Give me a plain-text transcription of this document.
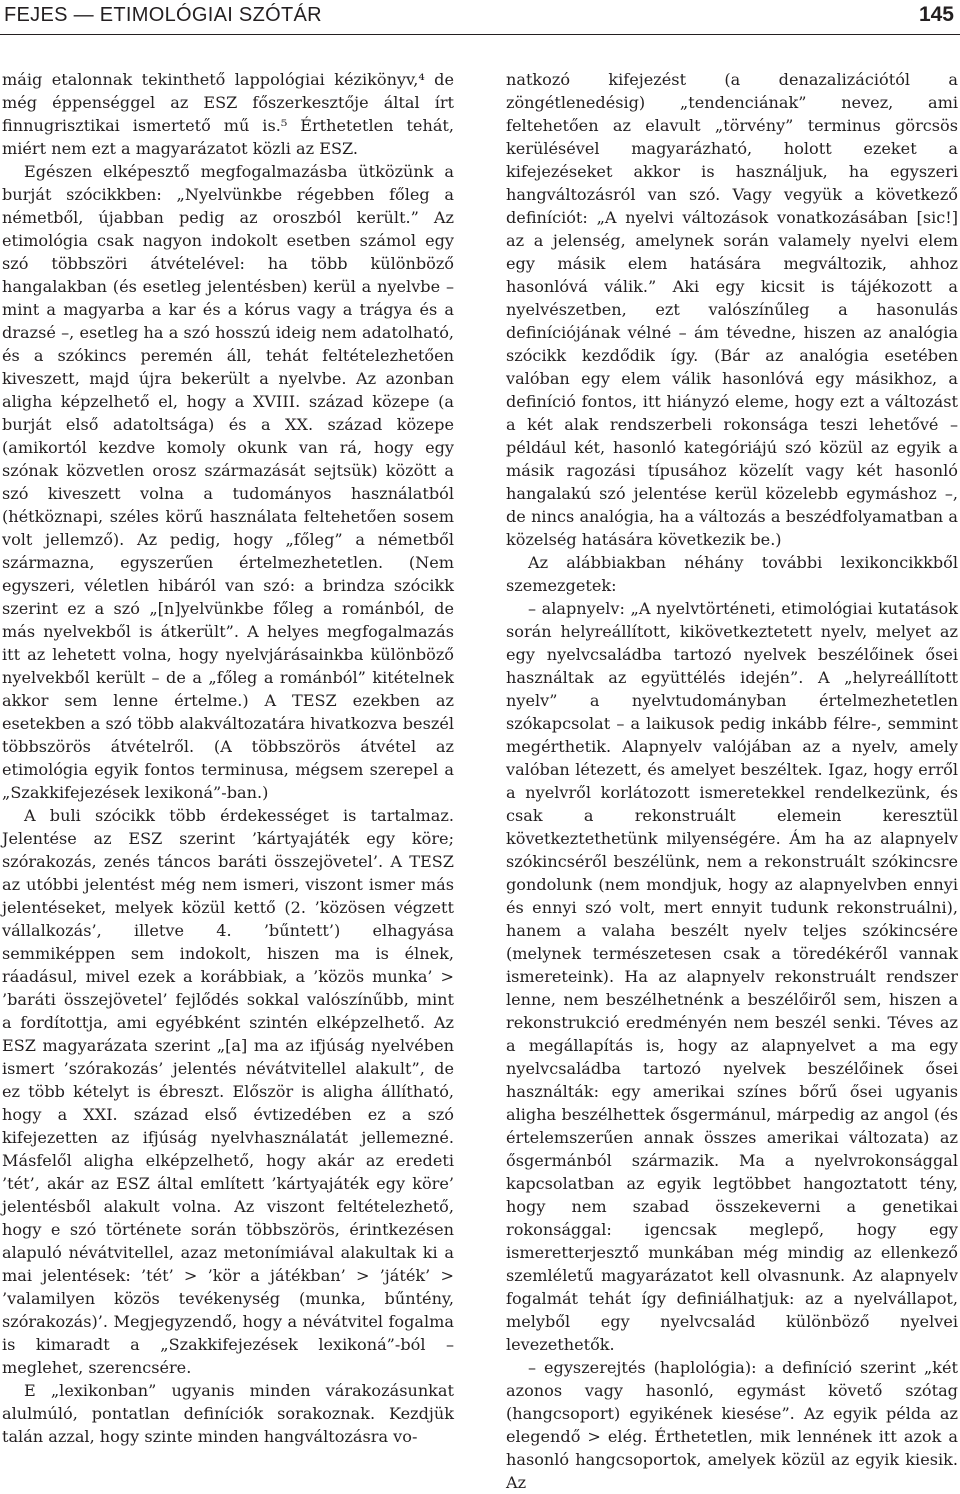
FEJES — ETIMOLÓGIAI SZÓTÁR	145

máig etalonnak tekinthető lappológiai kézikönyv,⁴ de még éppenséggel az ESZ főszerkesztője által írt finnugrisztikai ismertető mű is.⁵ Érthetetlen tehát, miért nem ezt a magyarázatot közli az ESZ.

Egészen elképesztő megfogalmazásba ütközünk a burját szócikkben: „Nyelvünkbe régebben főleg a németből, újabban pedig az oroszból került.” Az etimológia csak nagyon indokolt esetben számol egy szó többszöri átvételével: ha több különböző hangalakban (és esetleg jelentésben) kerül a nyelvbe – mint a magyarba a kar és a kórus vagy a trágya és a drazsé –, esetleg ha a szó hosszú ideig nem adatolható, és a szókincs peremén áll, tehát feltételezhetően kiveszett, majd újra bekerült a nyelvbe. Az azonban aligha képzelhető el, hogy a XVIII. század közepe (a burját első adatoltsága) és a XX. század közepe (amikortól kezdve komoly okunk van rá, hogy egy szónak közvetlen orosz származását sejtsük) között a szó kiveszett volna a tudományos használatból (hétköznapi, széles körű használata feltehetően sosem volt jellemző). Az pedig, hogy „főleg” a németből származna, egyszerűen értelmezhetetlen. (Nem egyszeri, véletlen hibáról van szó: a brindza szócikk szerint ez a szó „[n]yelvünkbe főleg a románból, de más nyelvekből is átkerült”. A helyes megfogalmazás itt az lehetett volna, hogy nyelvjárásainkba különböző nyelvekből került – de a „főleg a románból” kitételnek akkor sem lenne értelme.) A TESZ ezekben az esetekben a szó több alakváltozatára hivatkozva beszél többszörös átvételről. (A többszörös átvétel az etimológia egyik fontos terminusa, mégsem szerepel a „Szakkifejezések lexikoná”-ban.)

A buli szócikk több érdekességet is tartalmaz. Jelentése az ESZ szerint ’kártyajáték egy köre; szórakozás, zenés táncos baráti összejövetel’. A TESZ az utóbbi jelentést még nem ismeri, viszont ismer más jelentéseket, melyek közül kettő (2. ’közösen végzett vállalkozás’, illetve 4. ’bűntett’) elhagyása semmiképpen sem indokolt, hiszen ma is élnek, ráadásul, mivel ezek a korábbiak, a ’közös munka’ > ’baráti összejövetel’ fejlődés sokkal valószínűbb, mint a fordítottja, ami egyébként szintén elképzelhető. Az ESZ magyarázata szerint „[a] ma az ifjúság nyelvében ismert ’szórakozás’ jelentés névátvitellel alakult”, de ez több kételyt is ébreszt. Először is aligha állítható, hogy a XXI. század első évtizedében ez a szó kifejezetten az ifjúság nyelvhasználatát jellemezné. Másfelől aligha elképzelhető, hogy akár az eredeti ’tét’, akár az ESZ által említett ’kártyajáték egy köre’ jelentésből alakult volna. Az viszont feltételezhető, hogy e szó története során többszörös, érintkezésen alapuló névátvitellel, azaz metonímiával alakultak ki a mai jelentések: ’tét’ > ’kör a játékban’ > ’játék’ > ’valamilyen közös tevékenység (munka, bűntény, szórakozás)’. Megjegyzendő, hogy a névátvitel fogalma is kimaradt a „Szakkifejezések lexikoná”-ból – meglehet, szerencsére.

E „lexikonban” ugyanis minden várakozásunkat alulmúló, pontatlan definíciók sorakoznak. Kezdjük talán azzal, hogy szinte minden hangváltozásra vo-

natkozó kifejezést (a denazalizációtól a zöngétlenedésig) „tendenciának” nevez, ami feltehetően az elavult „törvény” terminus görcsös kerülésével magyarázható, holott ezeket a kifejezéseket akkor is használjuk, ha egyszeri hangváltozásról van szó. Vagy vegyük a következő definíciót: „A nyelvi változások vonatkozásában [sic!] az a jelenség, amelynek során valamely nyelvi elem egy másik elem hatására megváltozik, ahhoz hasonlóvá válik.” Aki egy kicsit is tájékozott a nyelvészetben, ezt valószínűleg a hasonulás definíciójának vélné – ám tévedne, hiszen az analógia szócikk kezdődik így. (Bár az analógia esetében valóban egy elem válik hasonlóvá egy másikhoz, a definíció fontos, itt hiányzó eleme, hogy ezt a változást a két alak rendszerbeli rokonsága teszi lehetővé – például két, hasonló kategóriájú szó közül az egyik a másik ragozási típusához közelít vagy két hasonló hangalakú szó jelentése kerül közelebb egymáshoz –, de nincs analógia, ha a változás a beszédfolyamatban a közelség hatására következik be.)

Az alábbiakban néhány további lexikoncikkből szemezgetek:

– alapnyelv: „A nyelvtörténeti, etimológiai kutatások során helyreállított, kikövetkeztetett nyelv, melyet az egy nyelvcsaládba tartozó nyelvek beszélőinek ősei használtak az együttélés idején”. A „helyreállított nyelv” a nyelvtudományban értelmezhetetlen szókapcsolat – a laikusok pedig inkább félre-, semmint megérthetik. Alapnyelv valójában az a nyelv, amely valóban létezett, és amelyet beszéltek. Igaz, hogy erről a nyelvről korlátozott ismeretekkel rendelkezünk, és csak a rekonstruált elemein keresztül következtethetünk milyenségére. Ám ha az alapnyelv szókincséről beszélünk, nem a rekonstruált szókincsre gondolunk (nem mondjuk, hogy az alapnyelvben ennyi és ennyi szó volt, mert ennyit tudunk rekonstruálni), hanem a valaha beszélt nyelv teljes szókincsére (melynek természetesen csak a töredékéről vannak ismereteink). Ha az alapnyelv rekonstruált rendszer lenne, nem beszélhetnénk a beszélőiről sem, hiszen a rekonstrukció eredményén nem beszél senki. Téves az a megállapítás is, hogy az alapnyelvet a ma egy nyelvcsaládba tartozó nyelvek beszélőinek ősei használták: egy amerikai színes bőrű ősei ugyanis aligha beszélhettek ősgermánul, márpedig az angol (és értelemszerűen annak összes amerikai változata) az ősgermánból származik. Ma a nyelvrokonsággal kapcsolatban az egyik legtöbbet hangoztatott tény, hogy nem szabad összekeverni a genetikai rokonsággal: igencsak meglepő, hogy egy ismeretterjesztő munkában még mindig az ellenkező szemléletű magyarázatot kell olvasnunk. Az alapnyelv fogalmát tehát így definiálhatjuk: az a nyelvállapot, melyből egy nyelvcsalád különböző nyelvei levezethetők.

– egyszerejtés (haplológia): a definíció szerint „két azonos vagy hasonló, egymást követő szótag (hangcsoport) egyikének kiesése”. Az egyik példa az elegendő > elég. Érthetetlen, mik lennének itt azok a hasonló hangcsoportok, amelyek közül az egyik kiesik. Az
